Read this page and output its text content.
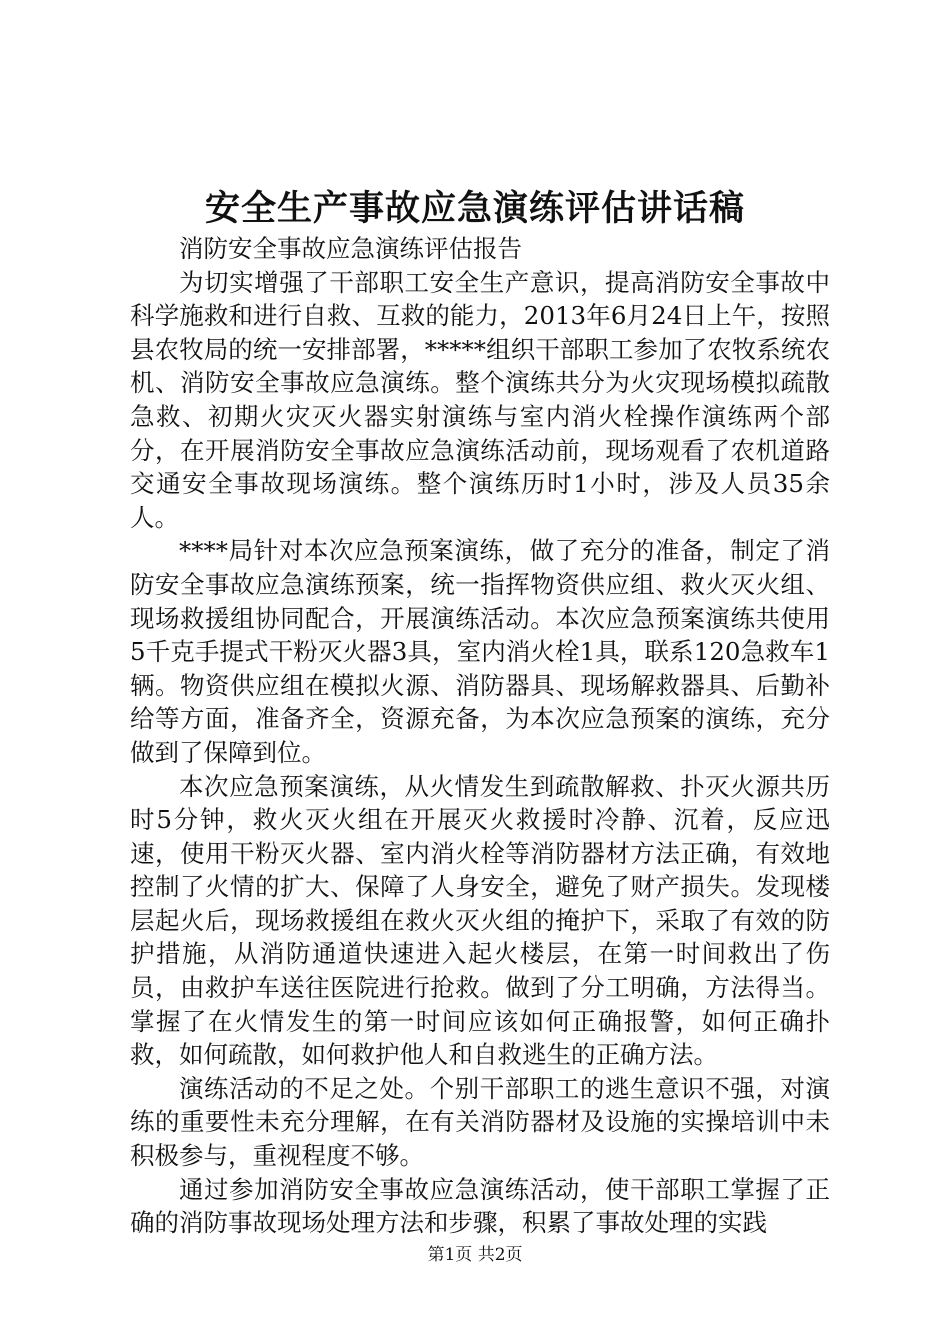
安全生产事故应急演练评估讲话稿

消防安全事故应急演练评估报告

为切实增强了干部职工安全生产意识，提高消防安全事故中科学施救和进行自救、互救的能力，2013年6月24日上午，按照县农牧局的统一安排部署，*****组织干部职工参加了农牧系统农机、消防安全事故应急演练。整个演练共分为火灾现场模拟疏散急救、初期火灾灭火器实射演练与室内消火栓操作演练两个部分，在开展消防安全事故应急演练活动前，现场观看了农机道路交通安全事故现场演练。整个演练历时1小时，涉及人员35余人。

****局针对本次应急预案演练，做了充分的准备，制定了消防安全事故应急演练预案，统一指挥物资供应组、救火灭火组、现场救援组协同配合，开展演练活动。本次应急预案演练共使用5千克手提式干粉灭火器3具，室内消火栓1具，联系120急救车1辆。物资供应组在模拟火源、消防器具、现场解救器具、后勤补给等方面，准备齐全，资源充备，为本次应急预案的演练，充分做到了保障到位。

本次应急预案演练，从火情发生到疏散解救、扑灭火源共历时5分钟，救火灭火组在开展灭火救援时冷静、沉着，反应迅速，使用干粉灭火器、室内消火栓等消防器材方法正确，有效地控制了火情的扩大、保障了人身安全，避免了财产损失。发现楼层起火后，现场救援组在救火灭火组的掩护下，采取了有效的防护措施，从消防通道快速进入起火楼层，在第一时间救出了伤员，由救护车送往医院进行抢救。做到了分工明确，方法得当。掌握了在火情发生的第一时间应该如何正确报警，如何正确扑救，如何疏散，如何救护他人和自救逃生的正确方法。

演练活动的不足之处。个别干部职工的逃生意识不强，对演练的重要性未充分理解，在有关消防器材及设施的实操培训中未积极参与，重视程度不够。

通过参加消防安全事故应急演练活动，使干部职工掌握了正确的消防事故现场处理方法和步骤，积累了事故处理的实践

第1页 共2页
